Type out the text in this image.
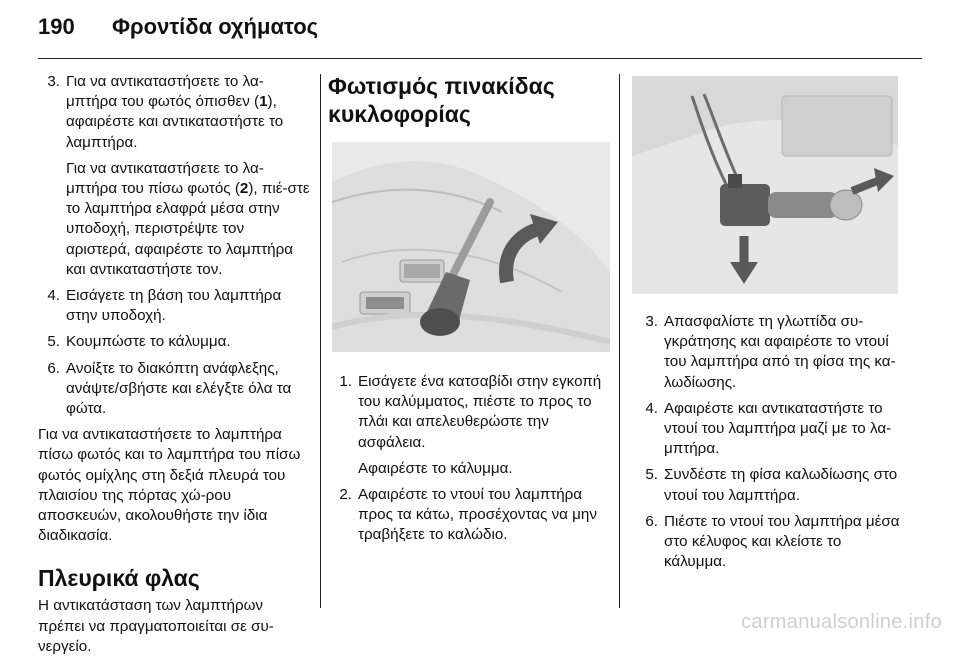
190	Φροντίδα οχήματος
3. Για να αντικαταστήσετε το λα-μπτήρα του φωτός όπισθεν (1), αφαιρέστε και αντικαταστήστε το λαμπτήρα.

Για να αντικαταστήσετε το λα-μπτήρα του πίσω φωτός (2), πιέ-στε το λαμπτήρα ελαφρά μέσα στην υποδοχή, περιστρέψτε τον αριστερά, αφαιρέστε το λαμπτήρα και αντικαταστήστε τον.

4. Εισάγετε τη βάση του λαμπτήρα στην υποδοχή.
5. Κουμπώστε το κάλυμμα.
6. Ανοίξτε το διακόπτη ανάφλεξης, ανάψτε/σβήστε και ελέγξτε όλα τα φώτα.

Για να αντικαταστήσετε το λαμπτήρα πίσω φωτός και το λαμπτήρα του πίσω φωτός ομίχλης στη δεξιά πλευρά του πλαισίου της πόρτας χώ-ρου αποσκευών, ακολουθήστε την ίδια διαδικασία.

Πλευρικά φλας

Η αντικατάσταση των λαμπτήρων πρέπει να πραγματοποιείται σε συ-νεργείο.

Φωτισμός πινακίδας κυκλοφορίας
1. Εισάγετε ένα κατσαβίδι στην εγκοπή του καλύμματος, πιέστε το προς το πλάι και απελευθερώστε την ασφάλεια.

Αφαιρέστε το κάλυμμα.

2. Αφαιρέστε το ντουί του λαμπτήρα προς τα κάτω, προσέχοντας να μην τραβήξετε το καλώδιο.
3. Απασφαλίστε τη γλωττίδα συ-γκράτησης και αφαιρέστε το ντουί του λαμπτήρα από τη φίσα της κα-λωδίωσης.
4. Αφαιρέστε και αντικαταστήστε το ντουί του λαμπτήρα μαζί με το λα-μπτήρα.
5. Συνδέστε τη φίσα καλωδίωσης στο ντουί του λαμπτήρα.
6. Πιέστε το ντουί του λαμπτήρα μέσα στο κέλυφος και κλείστε το κάλυμμα.
carmanualsonline.info
